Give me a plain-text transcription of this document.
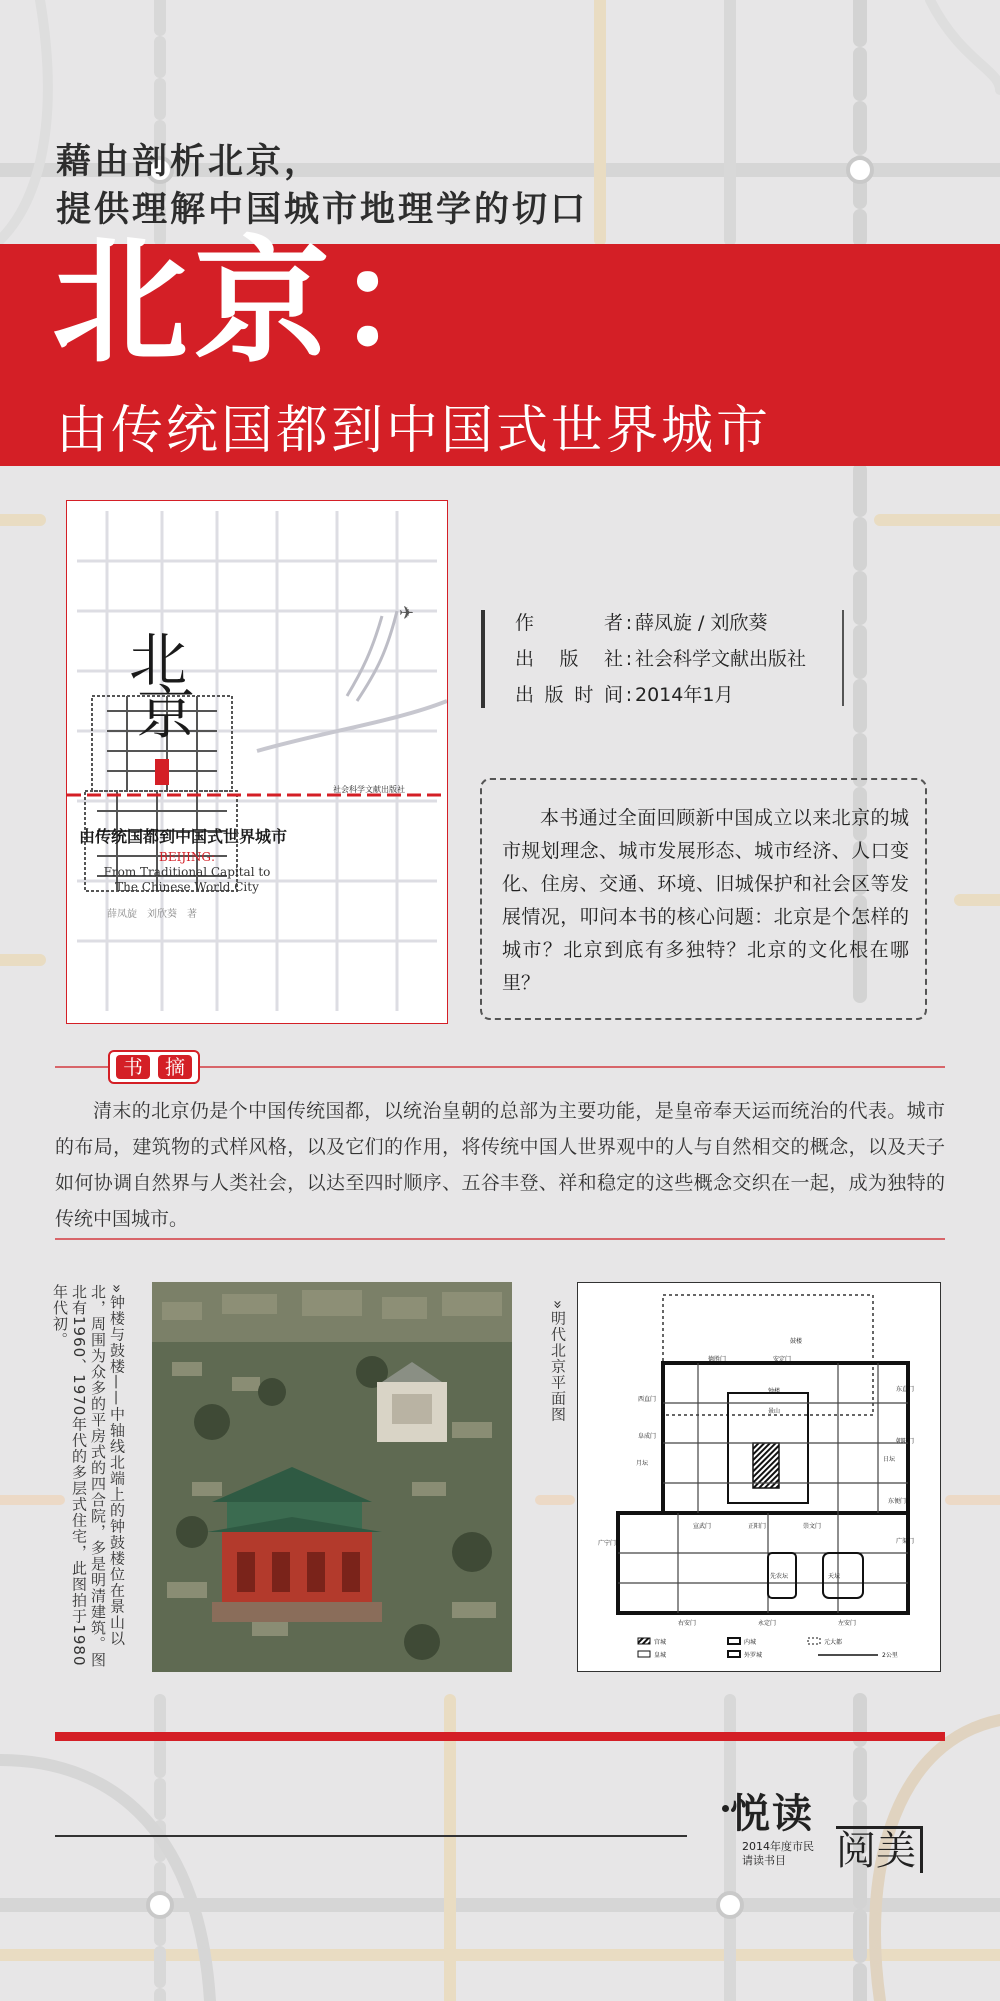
藉由剖析北京，
提供理解中国城市地理学的切口
北京：
由传统国都到中国式世界城市
✈
北
京
社会科学文献出版社
由传统国都到中国式世界城市
BEIJING:
From Traditional Capital to
The Chinese World City
薛凤旋　刘欣葵　著
作　　者 : 薛凤旋 / 刘欣葵
出 版 社 : 社会科学文献出版社
出版时间 : 2014年1月
本书通过全面回顾新中国成立以来北京的城市规划理念、城市发展形态、城市经济、人口变化、住房、交通、环境、旧城保护和社会区等发展情况，叩问本书的核心问题：北京是个怎样的城市？北京到底有多独特？北京的文化根在哪里？
书	摘
清末的北京仍是个中国传统国都，以统治皇朝的总部为主要功能，是皇帝奉天运而统治的代表。城市的布局，建筑物的式样风格，以及它们的作用，将传统中国人世界观中的人与自然相交的概念，以及天子如何协调自然界与人类社会，以达至四时顺序、五谷丰登、祥和稳定的这些概念交织在一起，成为独特的传统中国城市。
»钟楼与鼓楼——中轴线北端上的钟鼓楼位在景山以北，周围为众多的平房式的四合院，多是明清建筑。图北有1960、1970年代的多层式住宅，此图拍于1980年代初。	»明代北京平面图	德胜门	安定门
鼓楼
钟楼
景山
西直门
东直门
阜成门
朝阳门
日坛
月坛
宣武门	正阳门	崇文门
东便门
广渠门
广宁门
天坛
先农坛
右安门	永定门	左安门
宫城
皇城
内城
外罗城
元大都
2公里
悦读
2014年度市民
请读书目	阅美
